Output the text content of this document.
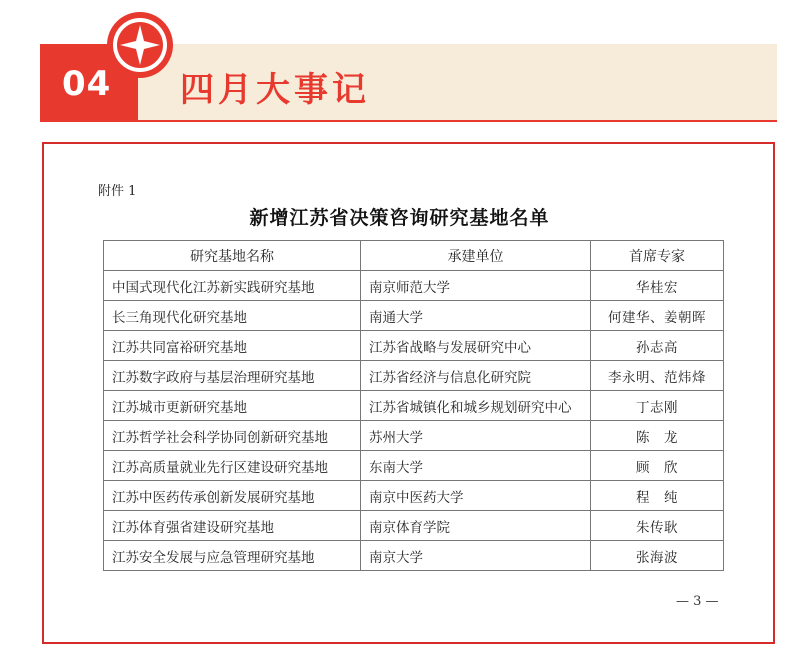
04 四月大事记
附件 1
新增江苏省决策咨询研究基地名单
研究基地名称	承建单位	首席专家
中国式现代化江苏新实践研究基地	南京师范大学	华桂宏
长三角现代化研究基地	南通大学	何建华、姜朝晖
江苏共同富裕研究基地	江苏省战略与发展研究中心	孙志高
江苏数字政府与基层治理研究基地	江苏省经济与信息化研究院	李永明、范炜烽
江苏城市更新研究基地	江苏省城镇化和城乡规划研究中心	丁志刚
江苏哲学社会科学协同创新研究基地	苏州大学	陈　龙
江苏高质量就业先行区建设研究基地	东南大学	顾　欣
江苏中医药传承创新发展研究基地	南京中医药大学	程　纯
江苏体育强省建设研究基地	南京体育学院	朱传耿
江苏安全发展与应急管理研究基地	南京大学	张海波
— 3 —
